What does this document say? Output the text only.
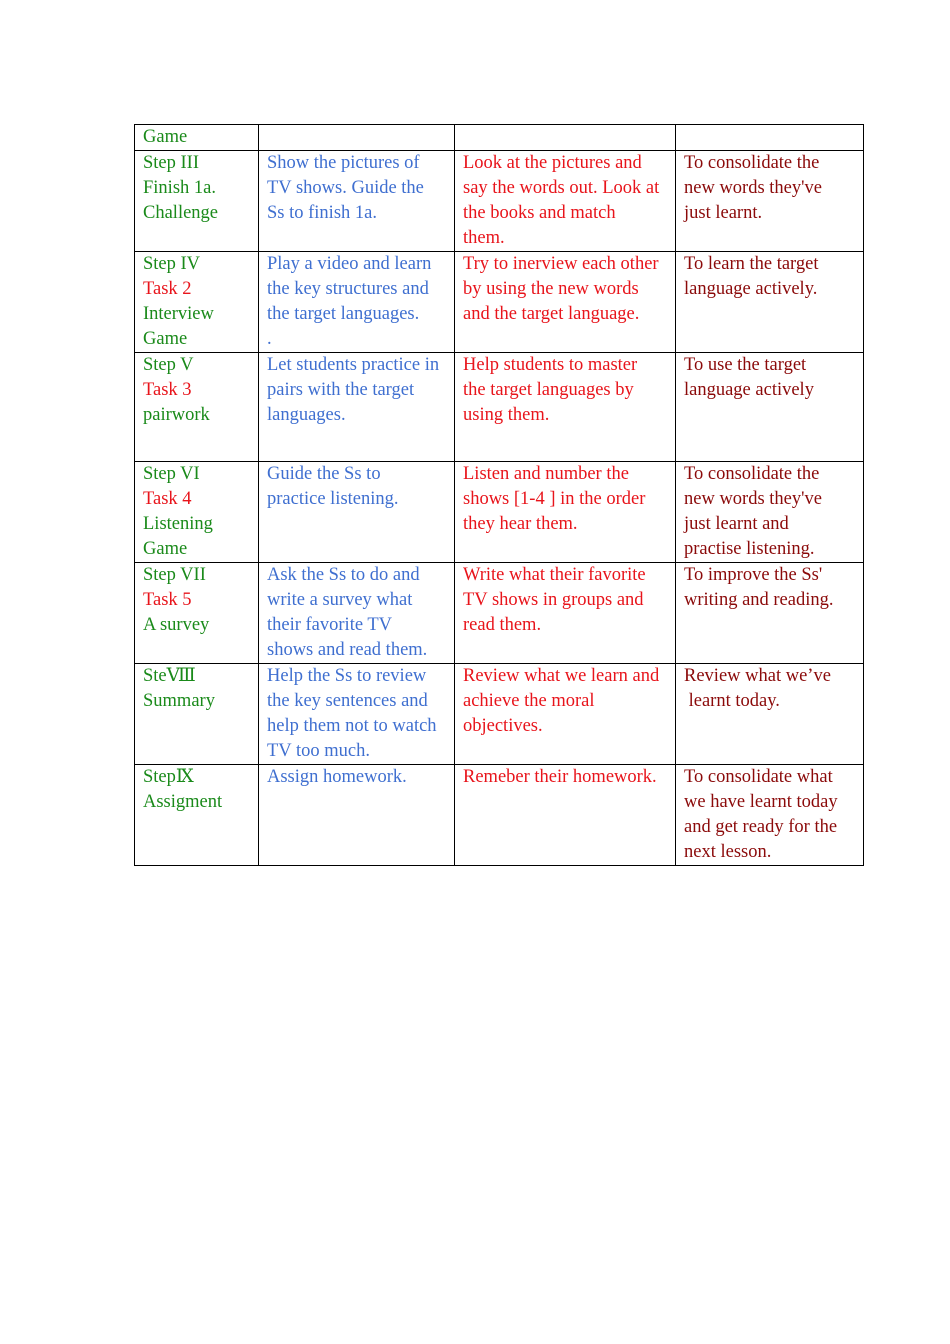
Game			

Step III
Finish 1a.
Challenge	Show the pictures of
TV shows. Guide the
Ss to finish 1a.	Look at the pictures and
say the words out. Look at
the books and match
them.	To consolidate the
new words they've
just learnt.

Step IV
Task 2
Interview
Game	Play a video and learn
the key structures and
the target languages.
.	Try to inerview each other
by using the new words
and the target language.	To learn the target
language actively.

Step V
Task 3
pairwork	Let students practice in
pairs with the target
languages.	Help students to master
the target languages by
using them.	To use the target
language actively

Step VI
Task 4
Listening
Game	Guide the Ss to
practice listening.	Listen and number the
shows [1-4 ] in the order
they hear them.	To consolidate the
new words they've
just learnt and
practise listening.

Step VII
Task 5
A survey	Ask the Ss to do and
write a survey what
their favorite TV
shows and read them.	Write what their favorite
TV shows in groups and
read them.	To improve the Ss'
writing and reading.

SteⅧ
Summary	Help the Ss to review
the key sentences and
help them not to watch
TV too much.	Review what we learn and
achieve the moral
objectives.	Review what we’ve
learnt today.

StepⅨ
Assigment	Assign homework.	Remeber their homework.	To consolidate what
we have learnt today
and get ready for the
next lesson.
